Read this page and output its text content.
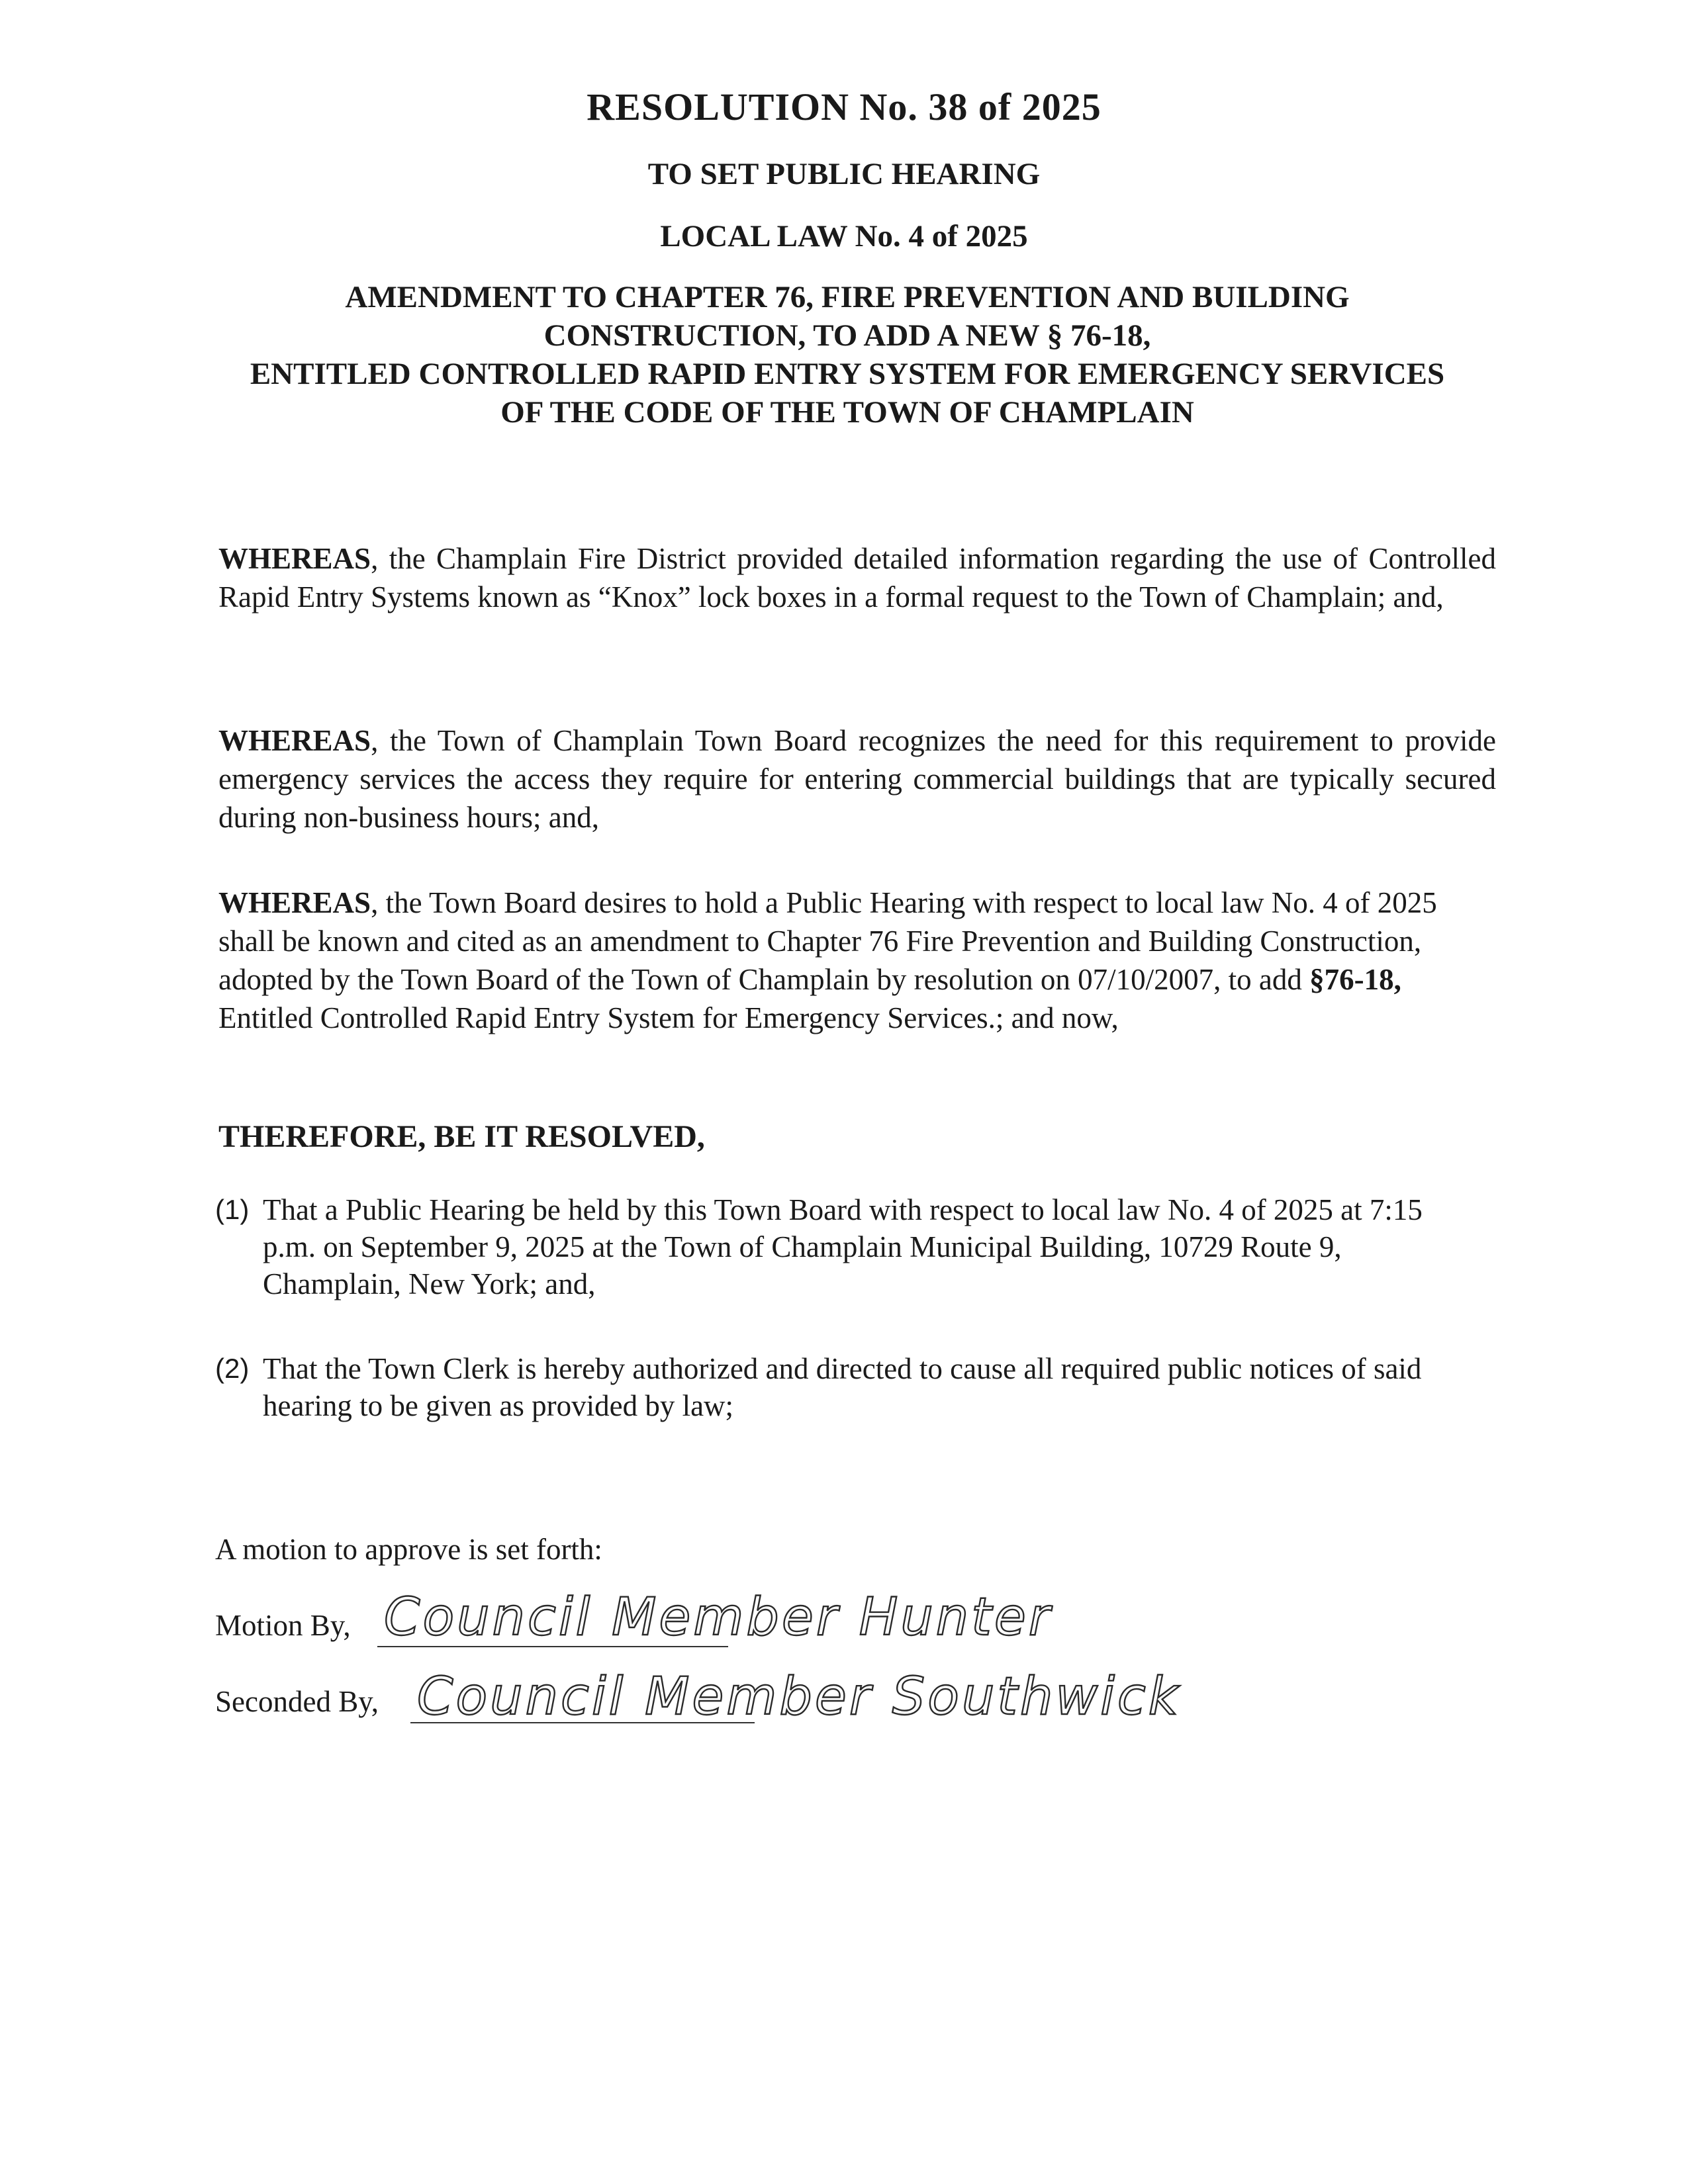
RESOLUTION No. 38 of 2025
TO SET PUBLIC HEARING
LOCAL LAW No. 4 of 2025
AMENDMENT TO CHAPTER 76, FIRE PREVENTION AND BUILDING
CONSTRUCTION, TO ADD A NEW § 76-18,
ENTITLED CONTROLLED RAPID ENTRY SYSTEM FOR EMERGENCY SERVICES
OF THE CODE OF THE TOWN OF CHAMPLAIN

WHEREAS, the Champlain Fire District provided detailed information regarding the use of Controlled Rapid Entry Systems known as “Knox” lock boxes in a formal request to the Town of Champlain; and,

WHEREAS, the Town of Champlain Town Board recognizes the need for this requirement to provide emergency services the access they require for entering commercial buildings that are typically secured during non-business hours; and,

WHEREAS, the Town Board desires to hold a Public Hearing with respect to local law No. 4 of 2025 shall be known and cited as an amendment to Chapter 76 Fire Prevention and Building Construction, adopted by the Town Board of the Town of Champlain by resolution on 07/10/2007, to add §76-18, Entitled Controlled Rapid Entry System for Emergency Services.; and now,

THEREFORE, BE IT RESOLVED,

(1) That a Public Hearing be held by this Town Board with respect to local law No. 4 of 2025 at 7:15 p.m. on September 9, 2025 at the Town of Champlain Municipal Building, 10729 Route 9, Champlain, New York; and,

(2) That the Town Clerk is hereby authorized and directed to cause all required public notices of said hearing to be given as provided by law;

A motion to approve is set forth:

Motion By, Council Member Hunter

Seconded By, Council Member Southwick
